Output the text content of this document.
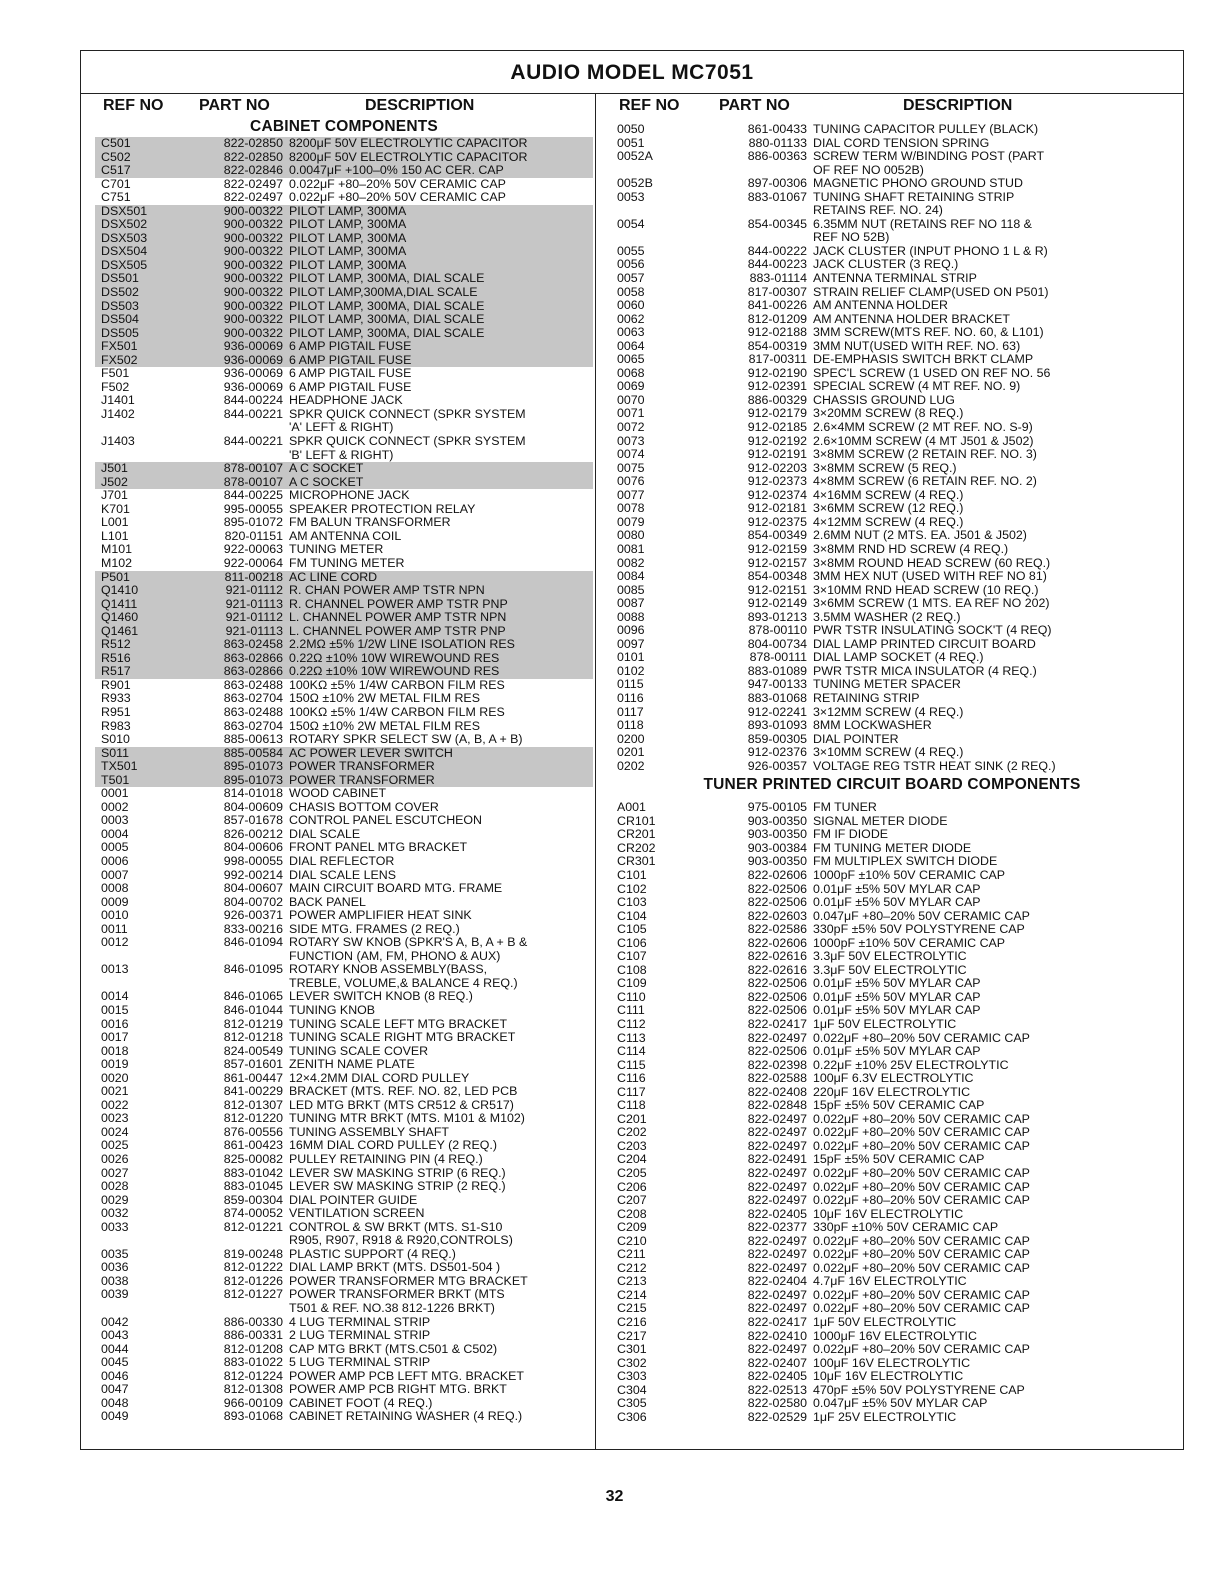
AUDIO MODEL MC7051
REF NO PART NO	DESCRIPTION
CABINET COMPONENTS
C501	822-02850 8200μF 50V ELECTROLYTIC CAPACITOR
C502	822-02850 8200μF 50V ELECTROLYTIC CAPACITOR
C517	822-02846 0.0047μF +100–0% 150 AC CER. CAP
C701	822-02497 0.022μF +80–20% 50V CERAMIC CAP
C751	822-02497 0.022μF +80–20% 50V CERAMIC CAP
DSX501	900-00322 PILOT LAMP, 300MA
DSX502	900-00322 PILOT LAMP, 300MA
DSX503	900-00322 PILOT LAMP, 300MA
DSX504	900-00322 PILOT LAMP, 300MA
DSX505	900-00322 PILOT LAMP, 300MA
DS501	900-00322 PILOT LAMP, 300MA, DIAL SCALE
DS502	900-00322 PILOT LAMP,300MA,DIAL SCALE
DS503	900-00322 PILOT LAMP, 300MA, DIAL SCALE
DS504	900-00322 PILOT LAMP, 300MA, DIAL SCALE
DS505	900-00322 PILOT LAMP, 300MA, DIAL SCALE
FX501	936-00069 6 AMP PIGTAIL FUSE
FX502	936-00069 6 AMP PIGTAIL FUSE
F501	936-00069 6 AMP PIGTAIL FUSE
F502	936-00069 6 AMP PIGTAIL FUSE
J1401	844-00224 HEADPHONE JACK
J1402	844-00221 SPKR QUICK CONNECT (SPKR SYSTEM
'A' LEFT & RIGHT)
J1403	844-00221 SPKR QUICK CONNECT (SPKR SYSTEM
'B' LEFT & RIGHT)
J501	878-00107 A C SOCKET
J502	878-00107 A C SOCKET
J701	844-00225 MICROPHONE JACK
K701	995-00055 SPEAKER PROTECTION RELAY
L001	895-01072 FM BALUN TRANSFORMER
L101	820-01151 AM ANTENNA COIL
M101	922-00063 TUNING METER
M102	922-00064 FM TUNING METER
P501	811-00218 AC LINE CORD
Q1410	921-01112 R. CHAN POWER AMP TSTR NPN
Q1411	921-01113 R. CHANNEL POWER AMP TSTR PNP
Q1460	921-01112 L. CHANNEL POWER AMP TSTR NPN
Q1461	921-01113 L. CHANNEL POWER AMP TSTR PNP
R512	863-02458 2.2MΩ ±5% 1/2W LINE ISOLATION RES
R516	863-02866 0.22Ω ±10% 10W WIREWOUND RES
R517	863-02866 0.22Ω ±10% 10W WIREWOUND RES
R901	863-02488 100KΩ ±5% 1/4W CARBON FILM RES
R933	863-02704 150Ω ±10% 2W METAL FILM RES
R951	863-02488 100KΩ ±5% 1/4W CARBON FILM RES
R983	863-02704 150Ω ±10% 2W METAL FILM RES
S010	885-00613 ROTARY SPKR SELECT SW (A, B, A + B)
S011	885-00584 AC POWER LEVER SWITCH
TX501	895-01073 POWER TRANSFORMER
T501	895-01073 POWER TRANSFORMER
0001	814-01018 WOOD CABINET
0002	804-00609 CHASIS BOTTOM COVER
0003	857-01678 CONTROL PANEL ESCUTCHEON
0004	826-00212 DIAL SCALE
0005	804-00606 FRONT PANEL MTG BRACKET
0006	998-00055 DIAL REFLECTOR
0007	992-00214 DIAL SCALE LENS
0008	804-00607 MAIN CIRCUIT BOARD MTG. FRAME
0009	804-00702 BACK PANEL
0010	926-00371 POWER AMPLIFIER HEAT SINK
0011	833-00216 SIDE MTG. FRAMES (2 REQ.)
0012	846-01094 ROTARY SW KNOB (SPKR'S A, B, A + B &
FUNCTION (AM, FM, PHONO & AUX)
0013	846-01095 ROTARY KNOB ASSEMBLY(BASS,
TREBLE, VOLUME,& BALANCE 4 REQ.)
0014	846-01065 LEVER SWITCH KNOB (8 REQ.)
0015	846-01044 TUNING KNOB
0016	812-01219 TUNING SCALE LEFT MTG BRACKET
0017	812-01218 TUNING SCALE RIGHT MTG BRACKET
0018	824-00549 TUNING SCALE COVER
0019	857-01601 ZENITH NAME PLATE
0020	861-00447 12×4.2MM DIAL CORD PULLEY
0021	841-00229 BRACKET (MTS. REF. NO. 82, LED PCB
0022	812-01307 LED MTG BRKT (MTS CR512 & CR517)
0023	812-01220 TUNING MTR BRKT (MTS. M101 & M102)
0024	876-00556 TUNING ASSEMBLY SHAFT
0025	861-00423 16MM DIAL CORD PULLEY (2 REQ.)
0026	825-00082 PULLEY RETAINING PIN (4 REQ.)
0027	883-01042 LEVER SW MASKING STRIP (6 REQ.)
0028	883-01045 LEVER SW MASKING STRIP (2 REQ.)
0029	859-00304 DIAL POINTER GUIDE
0032	874-00052 VENTILATION SCREEN
0033	812-01221 CONTROL & SW BRKT (MTS. S1-S10
R905, R907, R918 & R920,CONTROLS)
0035	819-00248 PLASTIC SUPPORT (4 REQ.)
0036	812-01222 DIAL LAMP BRKT (MTS. DS501-504 )
0038	812-01226 POWER TRANSFORMER MTG BRACKET
0039	812-01227 POWER TRANSFORMER BRKT (MTS
T501 & REF. NO.38 812-1226 BRKT)
0042	886-00330 4 LUG TERMINAL STRIP
0043	886-00331 2 LUG TERMINAL STRIP
0044	812-01208 CAP MTG BRKT (MTS.C501 & C502)
0045	883-01022 5 LUG TERMINAL STRIP
0046	812-01224 POWER AMP PCB LEFT MTG. BRACKET
0047	812-01308 POWER AMP PCB RIGHT MTG. BRKT
0048	966-00109 CABINET FOOT (4 REQ.)
0049	893-01068 CABINET RETAINING WASHER (4 REQ.)
REF NO PART NO	DESCRIPTION
0050	861-00433 TUNING CAPACITOR PULLEY (BLACK)
0051	880-01133 DIAL CORD TENSION SPRING
0052A	886-00363 SCREW TERM W/BINDING POST (PART
OF REF NO 0052B)
0052B	897-00306 MAGNETIC PHONO GROUND STUD
0053	883-01067 TUNING SHAFT RETAINING STRIP
RETAINS REF. NO. 24)
0054	854-00345 6.35MM NUT (RETAINS REF NO 118 &
REF NO 52B)
0055	844-00222 JACK CLUSTER (INPUT PHONO 1 L & R)
0056	844-00223 JACK CLUSTER (3 REQ.)
0057	883-01114 ANTENNA TERMINAL STRIP
0058	817-00307 STRAIN RELIEF CLAMP(USED ON P501)
0060	841-00226 AM ANTENNA HOLDER
0062	812-01209 AM ANTENNA HOLDER BRACKET
0063	912-02188 3MM SCREW(MTS REF. NO. 60, & L101)
0064	854-00319 3MM NUT(USED WITH REF. NO. 63)
0065	817-00311 DE-EMPHASIS SWITCH BRKT CLAMP
0068	912-02190 SPEC'L SCREW (1 USED ON REF NO. 56
0069	912-02391 SPECIAL SCREW (4 MT REF. NO. 9)
0070	886-00329 CHASSIS GROUND LUG
0071	912-02179 3×20MM SCREW (8 REQ.)
0072	912-02185 2.6×4MM SCREW (2 MT REF. NO. S-9)
0073	912-02192 2.6×10MM SCREW (4 MT J501 & J502)
0074	912-02191 3×8MM SCREW (2 RETAIN REF. NO. 3)
0075	912-02203 3×8MM SCREW (5 REQ.)
0076	912-02373 4×8MM SCREW (6 RETAIN REF. NO. 2)
0077	912-02374 4×16MM SCREW (4 REQ.)
0078	912-02181 3×6MM SCREW (12 REQ.)
0079	912-02375 4×12MM SCREW (4 REQ.)
0080	854-00349 2.6MM NUT (2 MTS. EA. J501 & J502)
0081	912-02159 3×8MM RND HD SCREW (4 REQ.)
0082	912-02157 3×8MM ROUND HEAD SCREW (60 REQ.)
0084	854-00348 3MM HEX NUT (USED WITH REF NO 81)
0085	912-02151 3×10MM RND HEAD SCREW (10 REQ.)
0087	912-02149 3×6MM SCREW (1 MTS. EA REF NO 202)
0088	893-01213 3.5MM WASHER (2 REQ.)
0096	878-00110 PWR TSTR INSULATING SOCK'T (4 REQ)
0097	804-00734 DIAL LAMP PRINTED CIRCUIT BOARD
0101	878-00111 DIAL LAMP SOCKET (4 REQ.)
0102	883-01089 PWR TSTR MICA INSULATOR (4 REQ.)
0115	947-00133 TUNING METER SPACER
0116	883-01068 RETAINING STRIP
0117	912-02241 3×12MM SCREW (4 REQ.)
0118	893-01093 8MM LOCKWASHER
0200	859-00305 DIAL POINTER
0201	912-02376 3×10MM SCREW (4 REQ.)
0202	926-00357 VOLTAGE REG TSTR HEAT SINK (2 REQ.)
TUNER PRINTED CIRCUIT BOARD COMPONENTS
A001	975-00105 FM TUNER
CR101	903-00350 SIGNAL METER DIODE
CR201	903-00350 FM IF DIODE
CR202	903-00384 FM TUNING METER DIODE
CR301	903-00350 FM MULTIPLEX SWITCH DIODE
C101	822-02606 1000pF ±10% 50V CERAMIC CAP
C102	822-02506 0.01μF ±5% 50V MYLAR CAP
C103	822-02506 0.01μF ±5% 50V MYLAR CAP
C104	822-02603 0.047μF +80–20% 50V CERAMIC CAP
C105	822-02586 330pF ±5% 50V POLYSTYRENE CAP
C106	822-02606 1000pF ±10% 50V CERAMIC CAP
C107	822-02616 3.3μF 50V ELECTROLYTIC
C108	822-02616 3.3μF 50V ELECTROLYTIC
C109	822-02506 0.01μF ±5% 50V MYLAR CAP
C110	822-02506 0.01μF ±5% 50V MYLAR CAP
C111	822-02506 0.01μF ±5% 50V MYLAR CAP
C112	822-02417 1μF 50V ELECTROLYTIC
C113	822-02497 0.022μF +80–20% 50V CERAMIC CAP
C114	822-02506 0.01μF ±5% 50V MYLAR CAP
C115	822-02398 0.22μF ±10% 25V ELECTROLYTIC
C116	822-02588 100μF 6.3V ELECTROLYTIC
C117	822-02408 220μF 16V ELECTROLYTIC
C118	822-02848 15pF ±5% 50V CERAMIC CAP
C201	822-02497 0.022μF +80–20% 50V CERAMIC CAP
C202	822-02497 0.022μF +80–20% 50V CERAMIC CAP
C203	822-02497 0.022μF +80–20% 50V CERAMIC CAP
C204	822-02491 15pF ±5% 50V CERAMIC CAP
C205	822-02497 0.022μF +80–20% 50V CERAMIC CAP
C206	822-02497 0.022μF +80–20% 50V CERAMIC CAP
C207	822-02497 0.022μF +80–20% 50V CERAMIC CAP
C208	822-02405 10μF 16V ELECTROLYTIC
C209	822-02377 330pF ±10% 50V CERAMIC CAP
C210	822-02497 0.022μF +80–20% 50V CERAMIC CAP
C211	822-02497 0.022μF +80–20% 50V CERAMIC CAP
C212	822-02497 0.022μF +80–20% 50V CERAMIC CAP
C213	822-02404 4.7μF 16V ELECTROLYTIC
C214	822-02497 0.022μF +80–20% 50V CERAMIC CAP
C215	822-02497 0.022μF +80–20% 50V CERAMIC CAP
C216	822-02417 1μF 50V ELECTROLYTIC
C217	822-02410 1000μF 16V ELECTROLYTIC
C301	822-02497 0.022μF +80–20% 50V CERAMIC CAP
C302	822-02407 100μF 16V ELECTROLYTIC
C303	822-02405 10μF 16V ELECTROLYTIC
C304	822-02513 470pF ±5% 50V POLYSTYRENE CAP
C305	822-02580 0.047μF ±5% 50V MYLAR CAP
C306	822-02529 1μF 25V ELECTROLYTIC
32
